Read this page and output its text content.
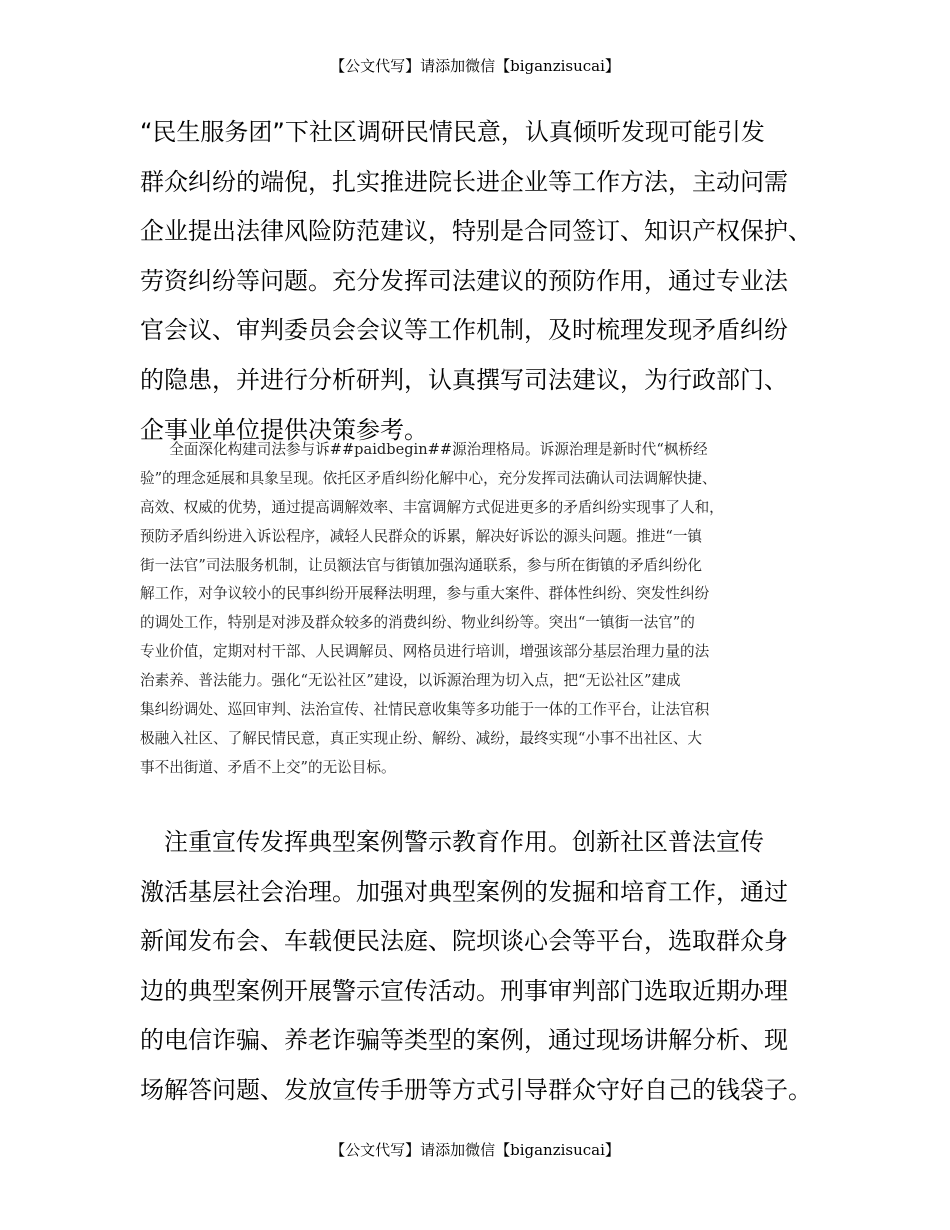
【公文代写】请添加微信【biganzisucai】
“民生服务团”下社区调研民情民意，认真倾听发现可能引发
群众纠纷的端倪，扎实推进院长进企业等工作方法，主动问需
企业提出法律风险防范建议，特别是合同签订、知识产权保护、
劳资纠纷等问题。充分发挥司法建议的预防作用，通过专业法
官会议、审判委员会会议等工作机制，及时梳理发现矛盾纠纷
的隐患，并进行分析研判，认真撰写司法建议，为行政部门、
企事业单位提供决策参考。
　　全面深化构建司法参与诉##paidbegin##源治理格局。诉源治理是新时代“枫桥经
验”的理念延展和具象呈现。依托区矛盾纠纷化解中心，充分发挥司法确认司法调解快捷、
高效、权威的优势，通过提高调解效率、丰富调解方式促进更多的矛盾纠纷实现事了人和，
预防矛盾纠纷进入诉讼程序，减轻人民群众的诉累，解决好诉讼的源头问题。推进“一镇
街一法官”司法服务机制，让员额法官与街镇加强沟通联系，参与所在街镇的矛盾纠纷化
解工作，对争议较小的民事纠纷开展释法明理，参与重大案件、群体性纠纷、突发性纠纷
的调处工作，特别是对涉及群众较多的消费纠纷、物业纠纷等。突出“一镇街一法官”的
专业价值，定期对村干部、人民调解员、网格员进行培训，增强该部分基层治理力量的法
治素养、普法能力。强化“无讼社区”建设，以诉源治理为切入点，把“无讼社区”建成
集纠纷调处、巡回审判、法治宣传、社情民意收集等多功能于一体的工作平台，让法官积
极融入社区、了解民情民意，真正实现止纷、解纷、减纷，最终实现“小事不出社区、大
事不出街道、矛盾不上交”的无讼目标。
　注重宣传发挥典型案例警示教育作用。创新社区普法宣传
激活基层社会治理。加强对典型案例的发掘和培育工作，通过
新闻发布会、车载便民法庭、院坝谈心会等平台，选取群众身
边的典型案例开展警示宣传活动。刑事审判部门选取近期办理
的电信诈骗、养老诈骗等类型的案例，通过现场讲解分析、现
场解答问题、发放宣传手册等方式引导群众守好自己的钱袋子。
【公文代写】请添加微信【biganzisucai】
